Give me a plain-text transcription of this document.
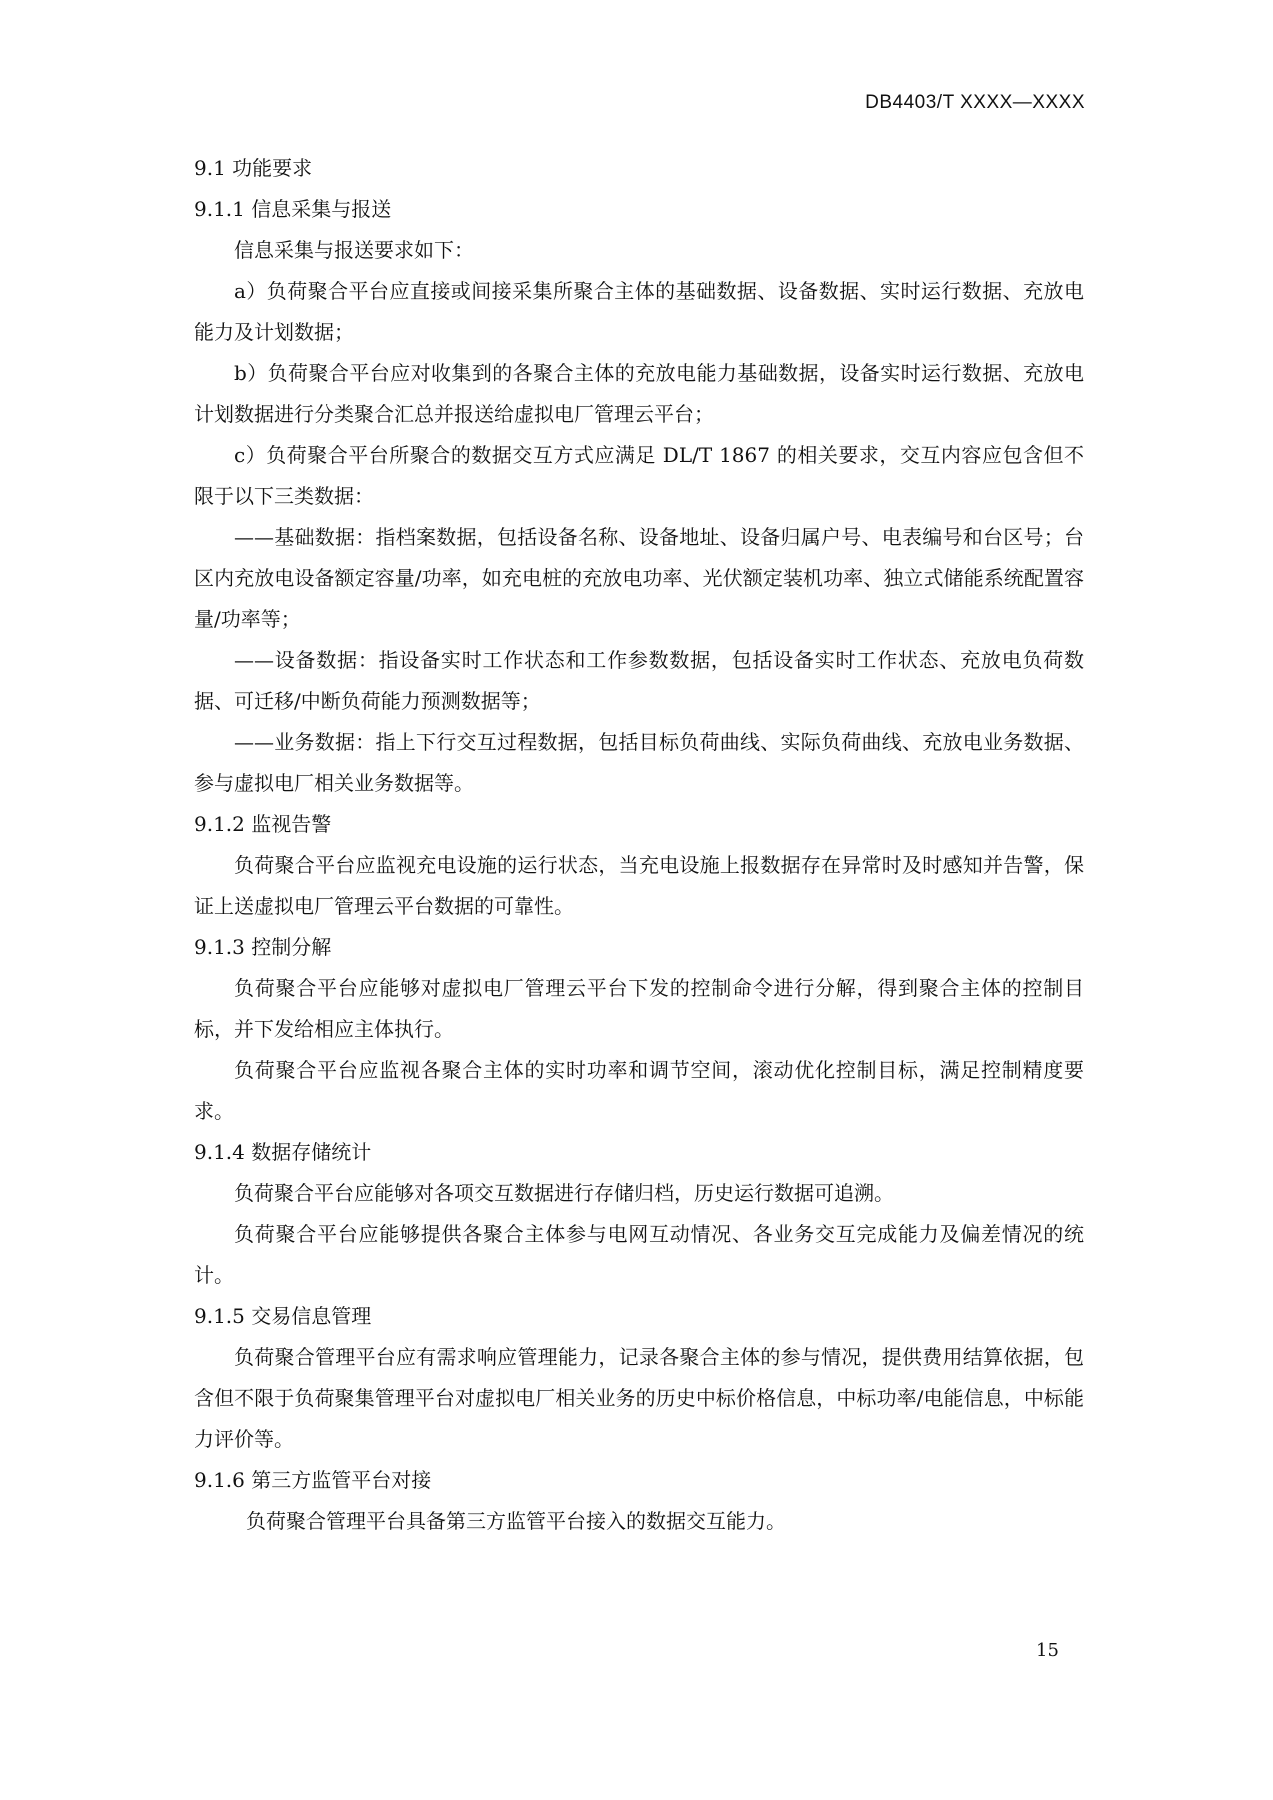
DB4403/T XXXX—XXXX

9.1 功能要求

9.1.1 信息采集与报送

信息采集与报送要求如下：

a）负荷聚合平台应直接或间接采集所聚合主体的基础数据、设备数据、实时运行数据、充放电能力及计划数据；

b）负荷聚合平台应对收集到的各聚合主体的充放电能力基础数据，设备实时运行数据、充放电计划数据进行分类聚合汇总并报送给虚拟电厂管理云平台；

c）负荷聚合平台所聚合的数据交互方式应满足 DL/T 1867 的相关要求，交互内容应包含但不限于以下三类数据：

——基础数据：指档案数据，包括设备名称、设备地址、设备归属户号、电表编号和台区号；台区内充放电设备额定容量/功率，如充电桩的充放电功率、光伏额定装机功率、独立式储能系统配置容量/功率等；

——设备数据：指设备实时工作状态和工作参数数据，包括设备实时工作状态、充放电负荷数据、可迁移/中断负荷能力预测数据等；

——业务数据：指上下行交互过程数据，包括目标负荷曲线、实际负荷曲线、充放电业务数据、参与虚拟电厂相关业务数据等。

9.1.2 监视告警

负荷聚合平台应监视充电设施的运行状态，当充电设施上报数据存在异常时及时感知并告警，保证上送虚拟电厂管理云平台数据的可靠性。

9.1.3 控制分解

负荷聚合平台应能够对虚拟电厂管理云平台下发的控制命令进行分解，得到聚合主体的控制目标，并下发给相应主体执行。

负荷聚合平台应监视各聚合主体的实时功率和调节空间，滚动优化控制目标，满足控制精度要求。

9.1.4 数据存储统计

负荷聚合平台应能够对各项交互数据进行存储归档，历史运行数据可追溯。

负荷聚合平台应能够提供各聚合主体参与电网互动情况、各业务交互完成能力及偏差情况的统计。

9.1.5 交易信息管理

负荷聚合管理平台应有需求响应管理能力，记录各聚合主体的参与情况，提供费用结算依据，包含但不限于负荷聚集管理平台对虚拟电厂相关业务的历史中标价格信息，中标功率/电能信息，中标能力评价等。

9.1.6 第三方监管平台对接

负荷聚合管理平台具备第三方监管平台接入的数据交互能力。

15
